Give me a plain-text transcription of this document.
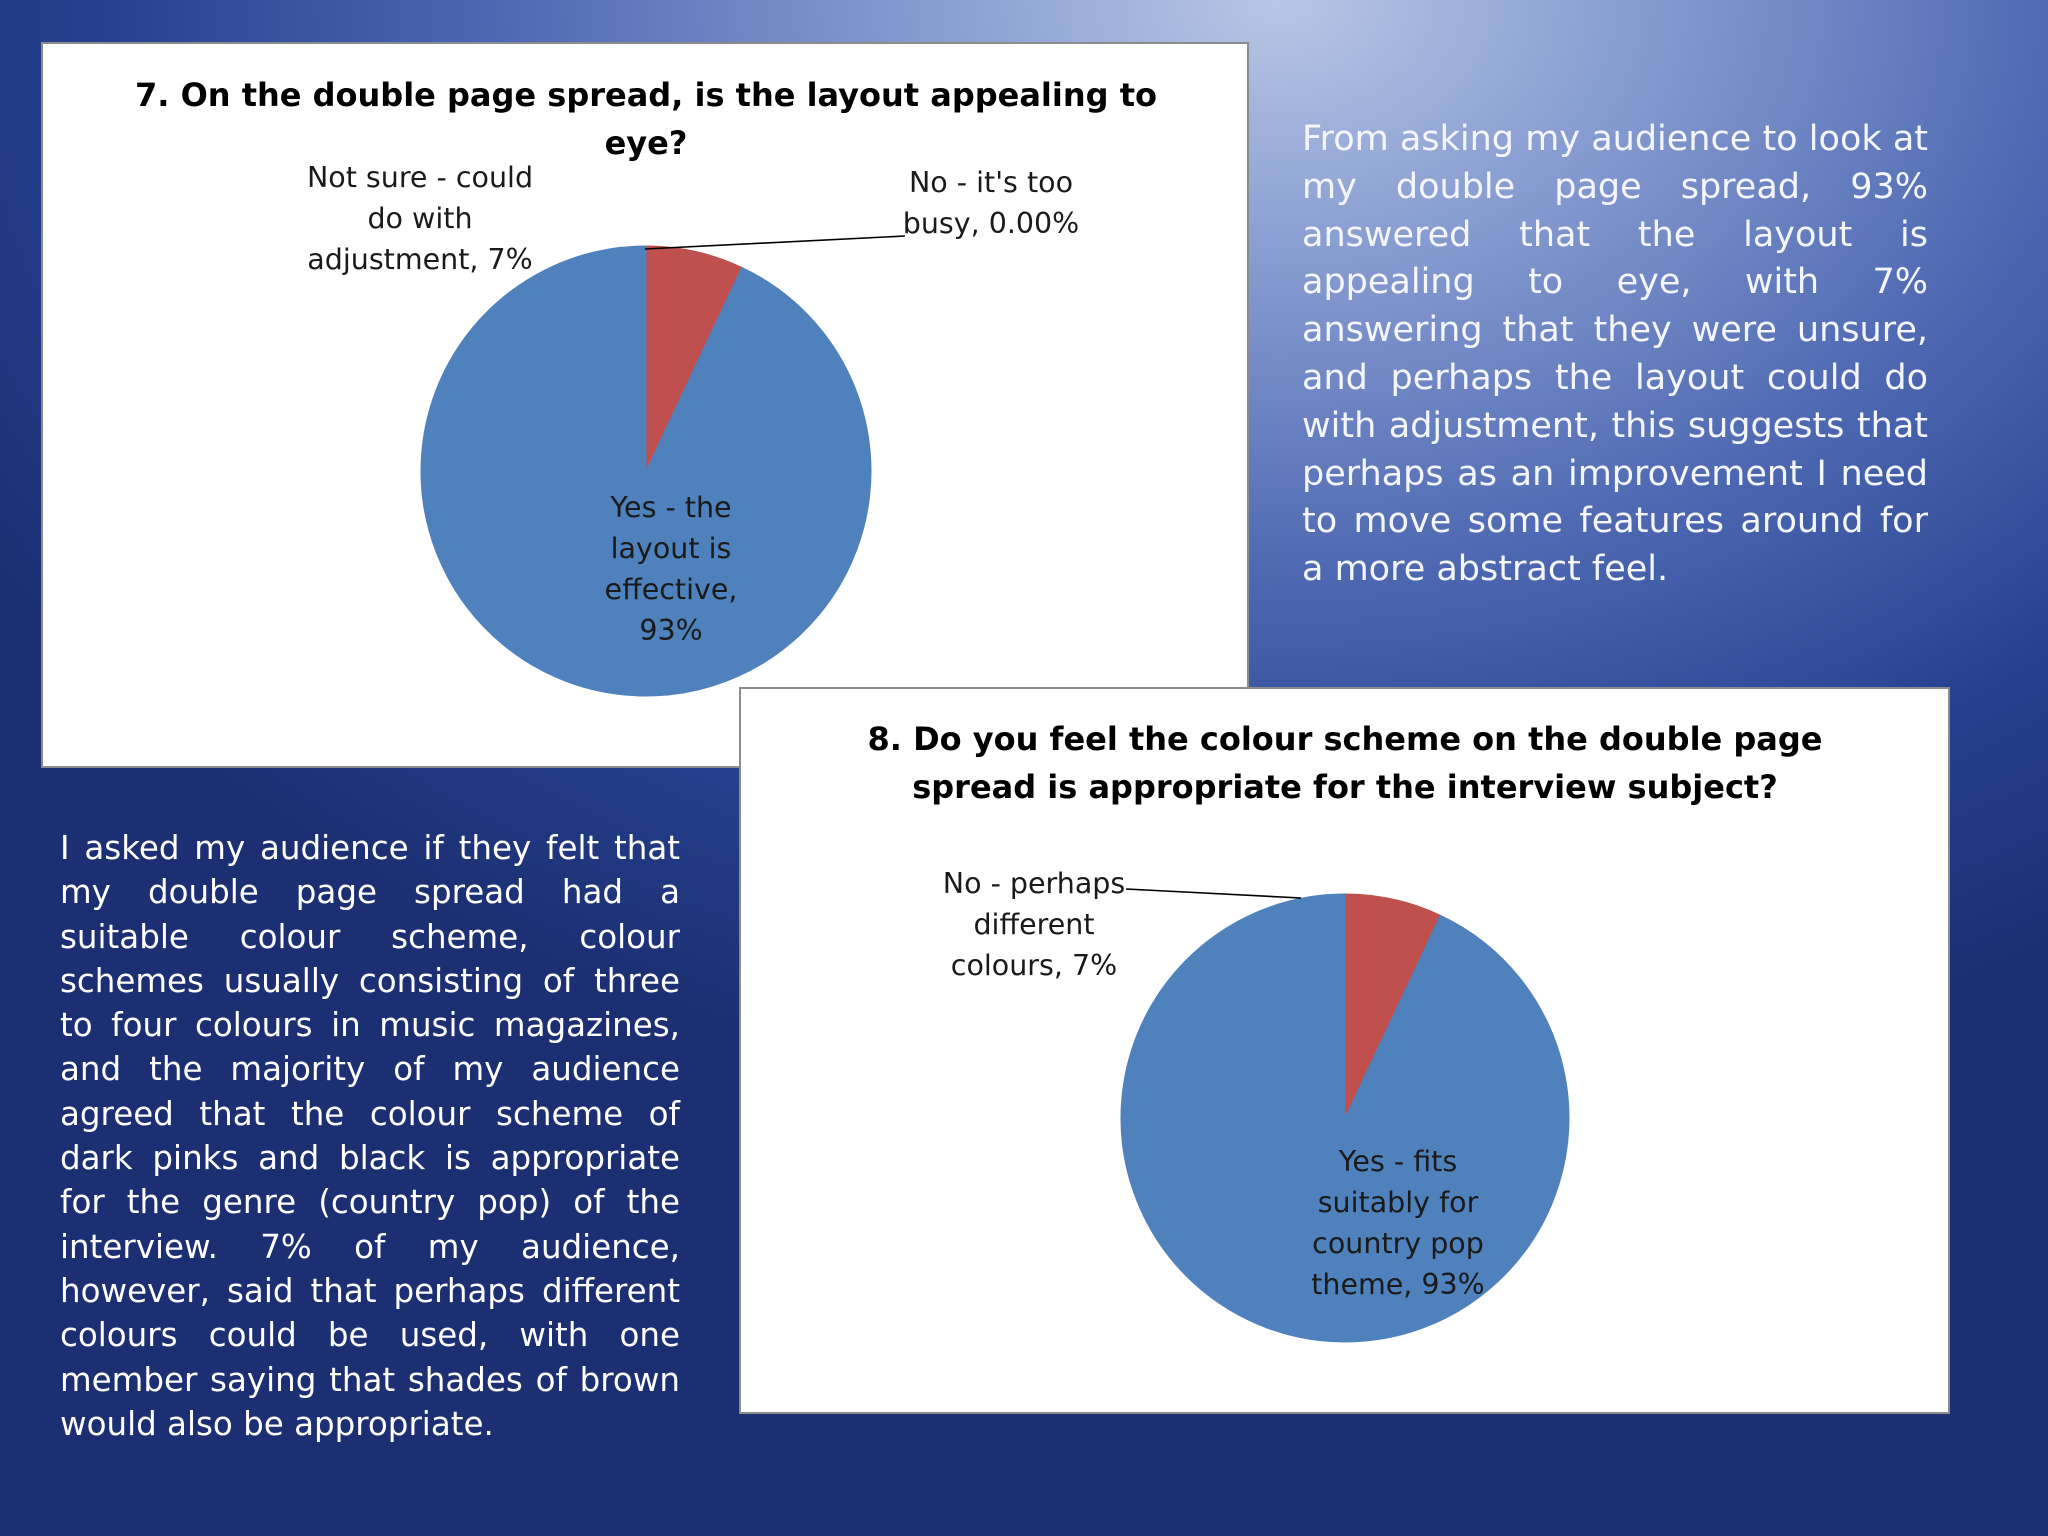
From asking my audience to look at my double page spread, 93% answered that the layout is appealing to eye, with 7% answering that they were unsure, and perhaps the layout could do with adjustment, this suggests that perhaps as an improvement I need to move some features around for a more abstract feel.

7. On the double page spread, is the layout appealing to eye?
No - it's too busy, 0.00%
Not sure - could do with adjustment, 7%
Yes - the layout is effective, 93%
8. Do you feel the colour scheme on the double page spread is appropriate for the interview subject?
No - perhaps different colours, 7%
Yes - fits suitably for country pop theme, 93%

I asked my audience if they felt that my double page spread had a suitable colour scheme, colour schemes usually consisting of three to four colours in music magazines, and the majority of my audience agreed that the colour scheme of dark pinks and black is appropriate for the genre (country pop) of the interview. 7% of my audience, however, said that perhaps different colours could be used, with one member saying that shades of brown would also be appropriate.
